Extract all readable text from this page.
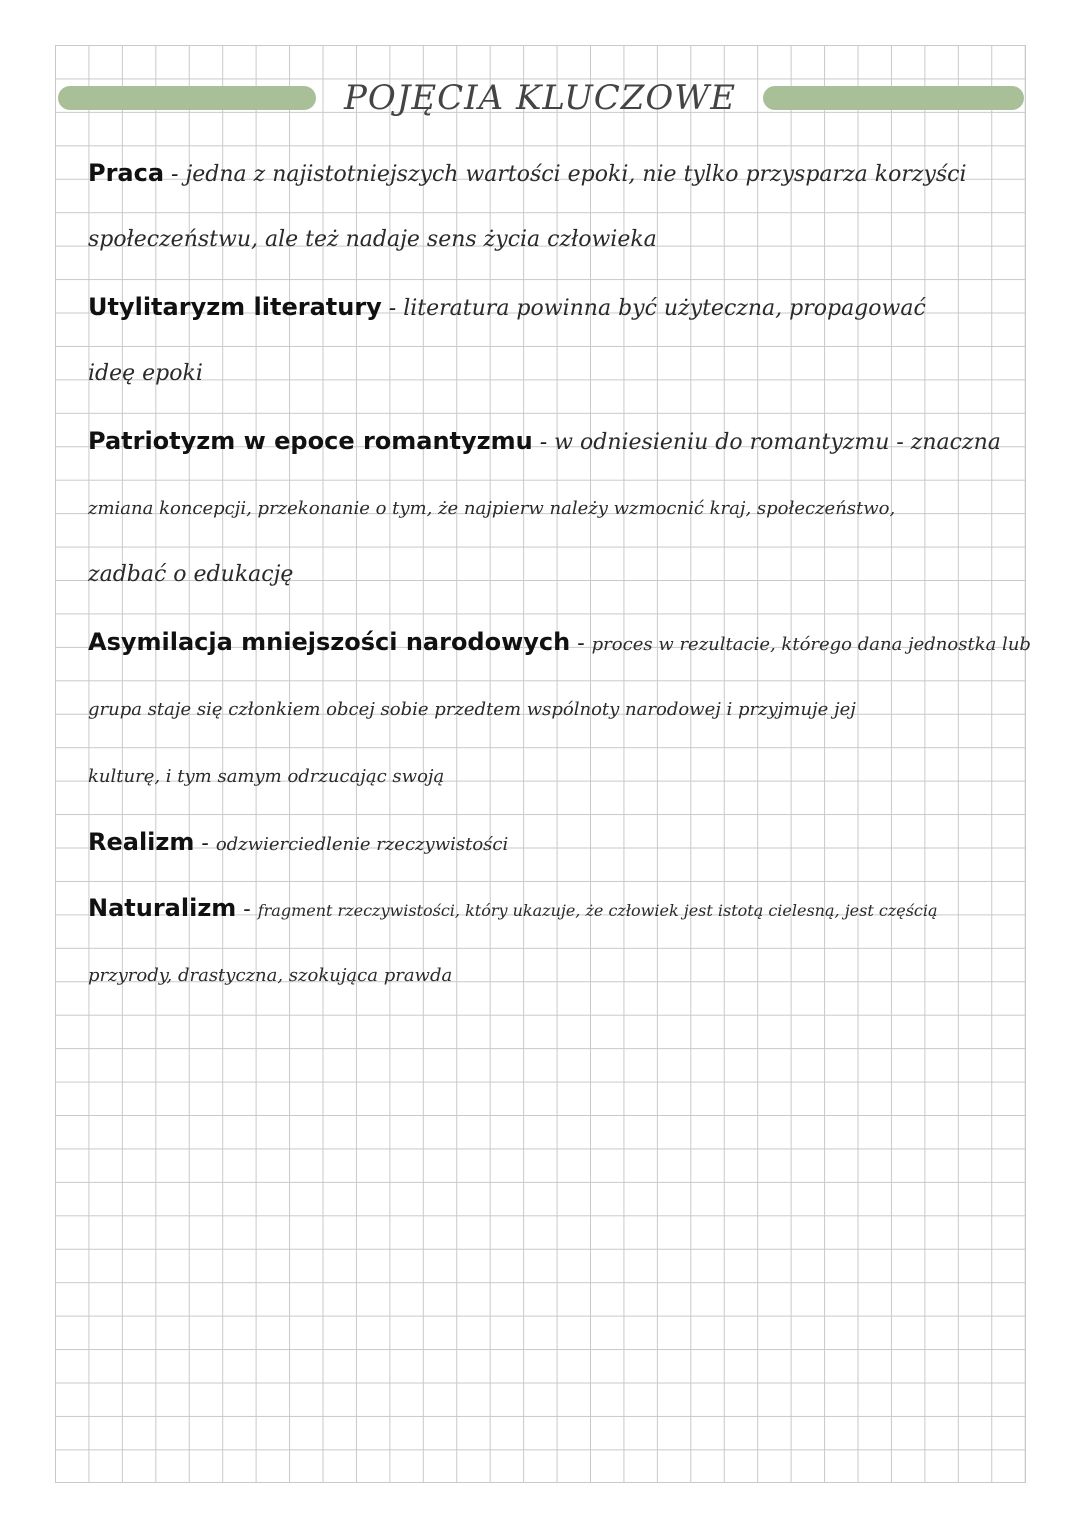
POJĘCIA KLUCZOWE
Praca - jedna z najistotniejszych wartości epoki, nie tylko przysparza korzyści
społeczeństwu, ale też nadaje sens życia człowieka
Utylitaryzm literatury - literatura powinna być użyteczna, propagować
ideę epoki
Patriotyzm w epoce romantyzmu - w odniesieniu do romantyzmu - znaczna
zmiana koncepcji, przekonanie o tym, że najpierw należy wzmocnić kraj, społeczeństwo,
zadbać o edukację
Asymilacja mniejszości narodowych - proces w rezultacie, którego dana jednostka lub
grupa staje się członkiem obcej sobie przedtem wspólnoty narodowej i przyjmuje jej
kulturę, i tym samym odrzucając swoją
Realizm - odzwierciedlenie rzeczywistości
Naturalizm - fragment rzeczywistości, który ukazuje, że człowiek jest istotą cielesną, jest częścią
przyrody, drastyczna, szokująca prawda
